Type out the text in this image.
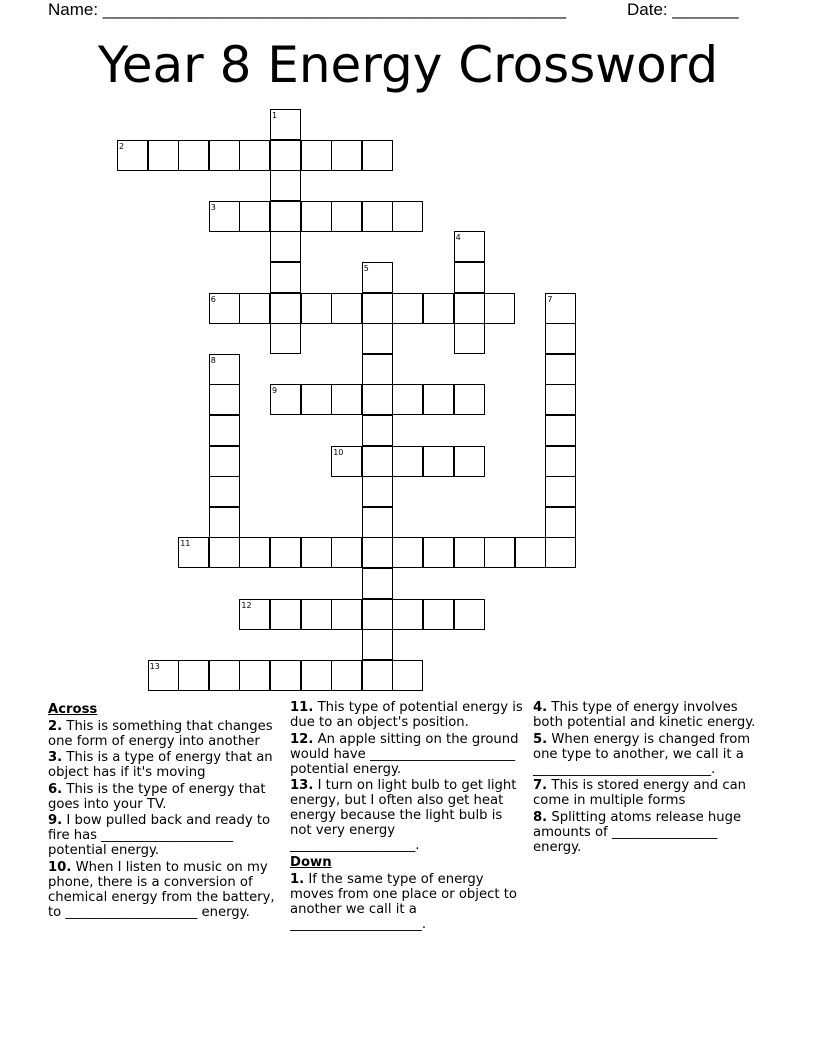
Name: _________________________________________________	Date: _______
Year 8 Energy Crossword
1
2
3
4
5
6	7
8
9
10
11
12
13
Across
2. This is something that changes one form of energy into another
3. This is a type of energy that an object has if it's moving
6. This is the type of energy that goes into your TV.
9. I bow pulled back and ready to fire has ____________________ potential energy.
10. When I listen to music on my phone, there is a conversion of chemical energy from the battery, to ____________________ energy.
11. This type of potential energy is due to an object's position.
12. An apple sitting on the ground would have ______________________ potential energy.
13. I turn on light bulb to get light energy, but I often also get heat energy because the light bulb is not very energy ___________________.
Down
1. If the same type of energy moves from one place or object to another we call it a ____________________.
4. This type of energy involves both potential and kinetic energy.
5. When energy is changed from one type to another, we call it a ___________________________.
7. This is stored energy and can come in multiple forms
8. Splitting atoms release huge amounts of ________________ energy.
